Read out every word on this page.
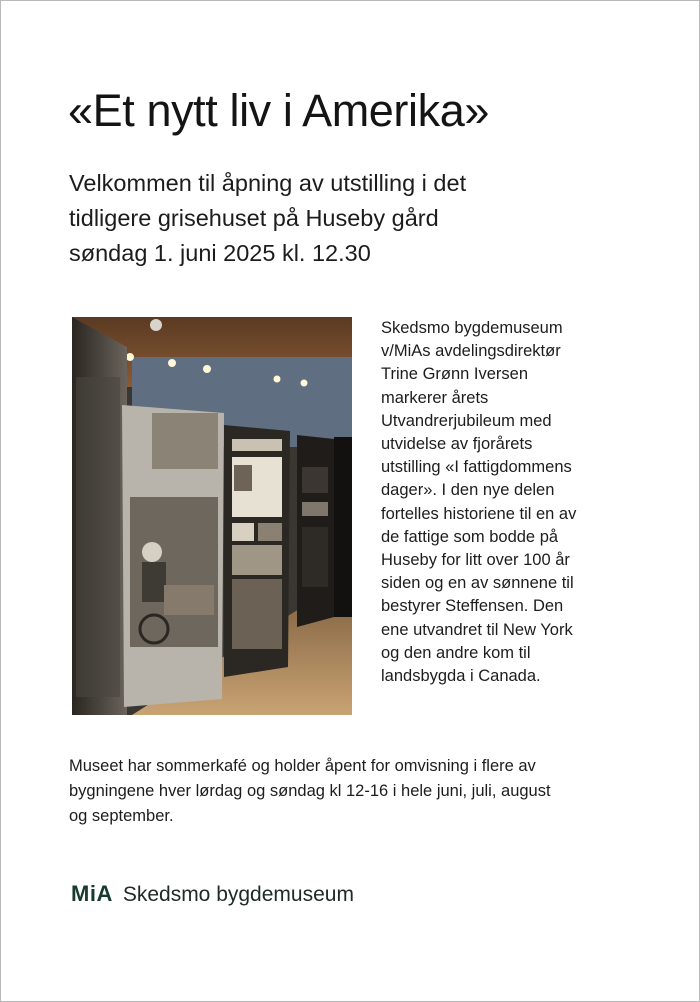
«Et nytt liv i Amerika»
Velkommen til åpning av utstilling i det
tidligere grisehuset på Huseby gård
søndag 1. juni 2025 kl. 12.30
Skedsmo bygdemuseum
v/MiAs avdelingsdirektør
Trine Grønn Iversen
markerer årets
Utvandrerjubileum med
utvidelse av fjorårets
utstilling «I fattigdommens
dager». I den nye delen
fortelles historiene til en av
de fattige som bodde på
Huseby for litt over 100 år
siden og en av sønnene til
bestyrer Steffensen. Den
ene utvandret til New York
og den andre kom til
landsbygda i Canada.
Museet har sommerkafé og holder åpent for omvisning i flere av
bygningene hver lørdag og søndag kl 12-16 i hele juni, juli, august
og september.
MiA Skedsmo bygdemuseum
